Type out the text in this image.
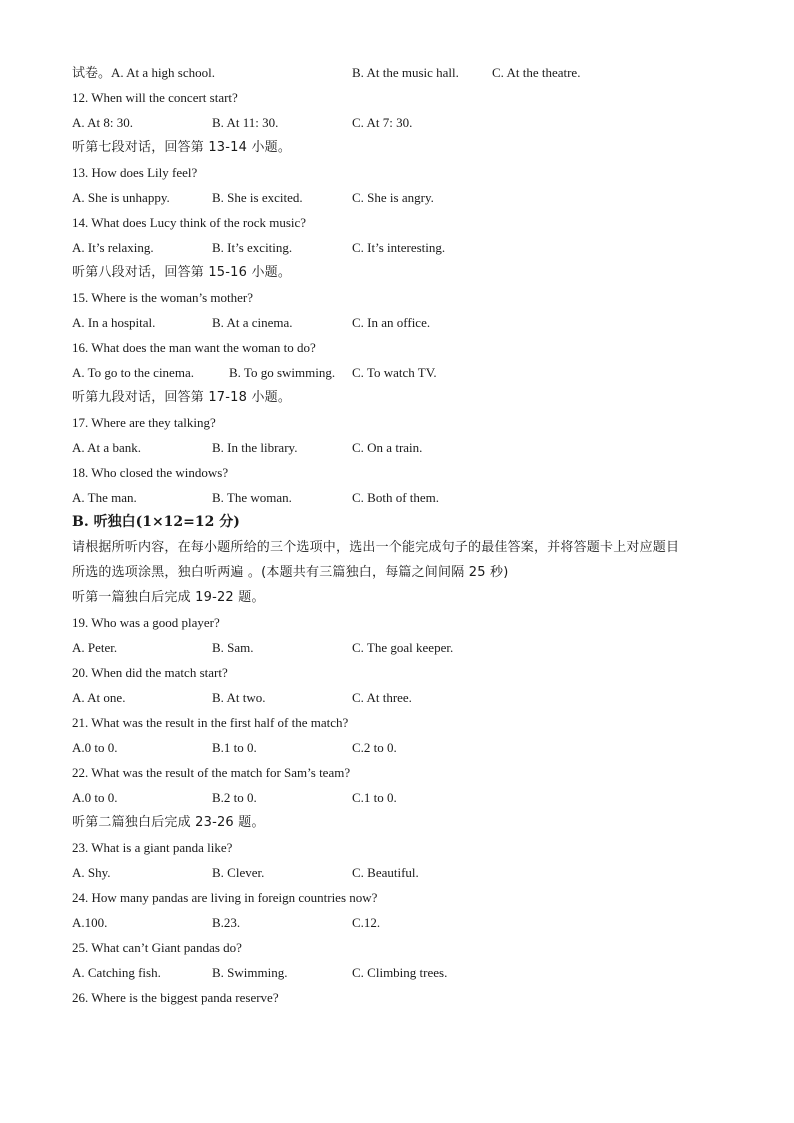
试卷。A. At a high school.	B. At the music hall.	C. At the theatre.
12. When will the concert start?
A. At 8: 30.	B. At 11: 30.	C. At 7: 30.
听第七段对话，回答第 13-14 小题。
13. How does Lily feel?
A. She is unhappy.	B. She is excited.	C. She is angry.
14. What does Lucy think of the rock music?
A. It’s relaxing.	B. It’s exciting.	C. It’s interesting.
听第八段对话，回答第 15-16 小题。
15. Where is the woman’s mother?
A. In a hospital.	B. At a cinema.	C. In an office.
16. What does the man want the woman to do?
A. To go to the cinema.	B. To go swimming. C. To watch TV.
听第九段对话，回答第 17-18 小题。
17. Where are they talking?
A. At a bank.	B. In the library.	C. On a train.
18. Who closed the windows?
A. The man.	B. The woman.	C. Both of them.
B. 听独白(1×12=12 分)
请根据所听内容，在每小题所给的三个选项中，选出一个能完成句子的最佳答案，并将答题卡上对应题目
所选的选项涂黑，独白听两遍 。(本题共有三篇独白，每篇之间间隔 25 秒)
听第一篇独白后完成 19-22 题。
19. Who was a good player?
A. Peter.	B. Sam.	C. The goal keeper.
20. When did the match start?
A. At one.	B. At two.	C. At three.
21. What was the result in the first half of the match?
A.0 to 0.	B.1 to 0.	C.2 to 0.
22. What was the result of the match for Sam’s team?
A.0 to 0.	B.2 to 0.	C.1 to 0.
听第二篇独白后完成 23-26 题。
23. What is a giant panda like?
A. Shy.	B. Clever.	C. Beautiful.
24. How many pandas are living in foreign countries now?
A.100.	B.23.	C.12.
25. What can’t Giant pandas do?
A. Catching fish.	B. Swimming.	C. Climbing trees.
26. Where is the biggest panda reserve?
